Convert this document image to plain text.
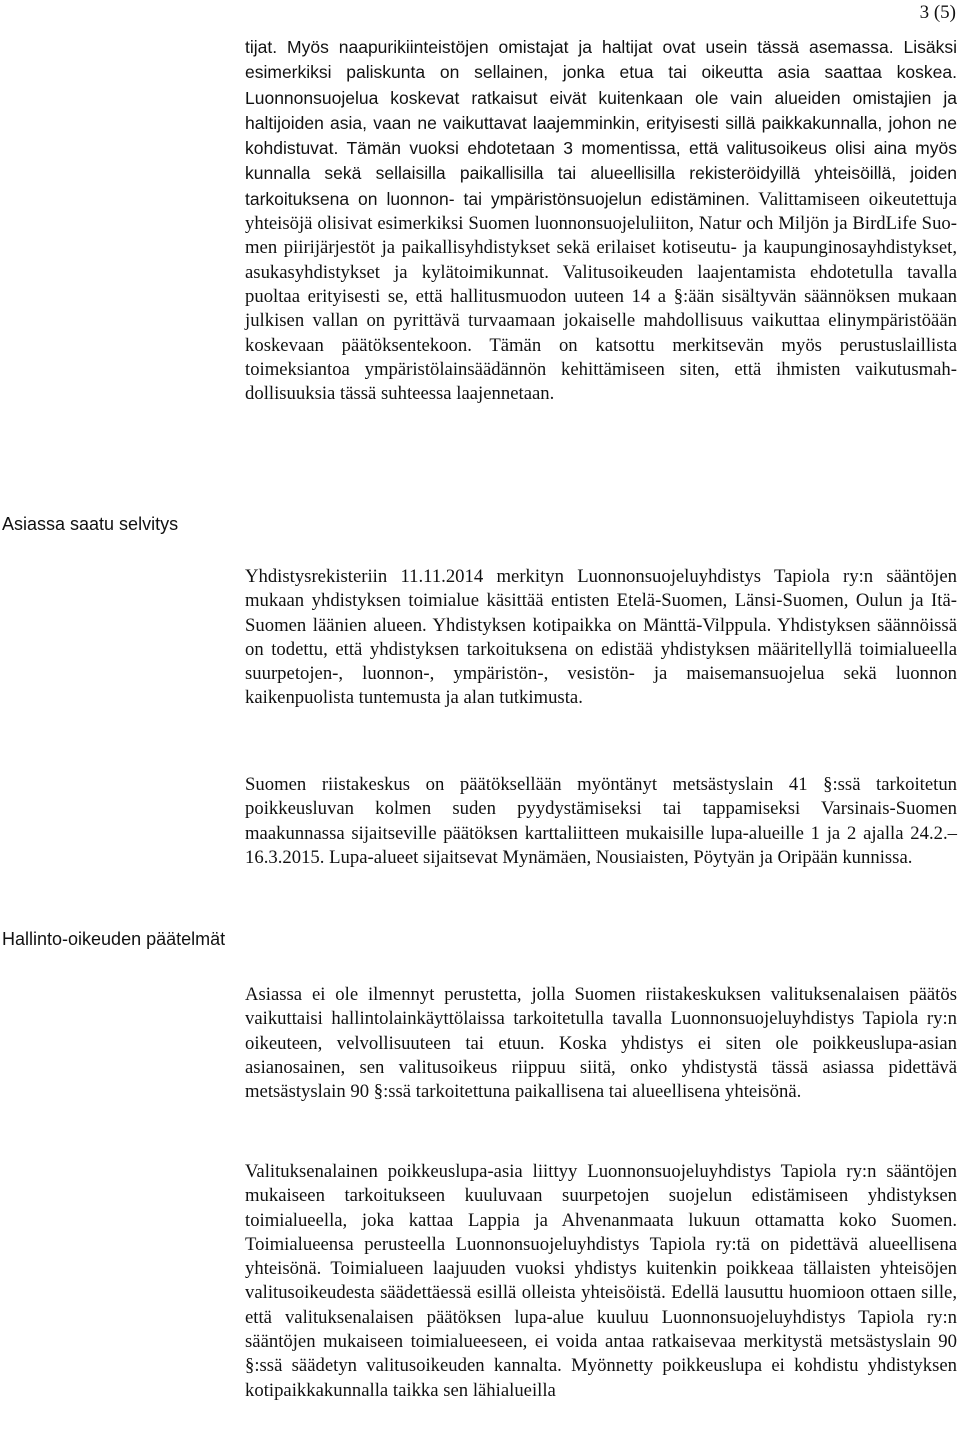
3 (5)
Asiassa saatu selvitys
Hallinto-oikeuden päätelmät
tijat. Myös naapurikiinteistöjen omistajat ja haltijat ovat usein tässä asemassa. Lisäksi esimerkiksi paliskunta on sellainen, jonka etua tai oikeutta asia saattaa koskea. Luonnonsuojelua koskevat ratkaisut eivät kuitenkaan ole vain alueiden omistajien ja haltijoiden asia, vaan ne vaikuttavat laajemminkin, erityisesti sillä paikkakunnalla, johon ne kohdistuvat. Tämän vuoksi ehdotetaan 3 momentissa, että valitusoikeus olisi aina myös kunnalla sekä sellaisilla paikallisilla tai alueellisilla rekisteröidyillä yhteisöillä, joiden tarkoituksena on luonnon- tai ympäristönsuojelun edistäminen. Valittamiseen oikeutettuja yhteisöjä olisivat esimerkiksi Suomen luonnonsuojeluliiton, Natur och Miljön ja BirdLife Suomen piirijärjestöt ja paikallisyhdistykset sekä erilaiset kotiseutu- ja kaupunginosayhdistykset, asukasyhdistykset ja kylätoimikunnat. Valitusoikeuden laajentamista ehdotetulla tavalla puoltaa erityisesti se, että hallitusmuodon uuteen 14 a §:ään sisältyvän säännöksen mukaan julkisen vallan on pyrittävä turvaamaan jokaiselle mahdollisuus vaikuttaa elinympäristöään koskevaan päätöksentekoon. Tämän on katsottu merkitsevän myös perustuslaillista toimeksiantoa ympäristölainsäädännön kehittämiseen siten, että ihmisten vaikutusmahdollisuuksia tässä suhteessa laajennetaan.

Yhdistysrekisteriin 11.11.2014 merkityn Luonnonsuojeluyhdistys Tapiola ry:n sääntöjen mukaan yhdistyksen toimialue käsittää entisten Etelä-Suomen, Länsi-Suomen, Oulun ja Itä-Suomen läänien alueen. Yhdistyksen kotipaikka on Mänttä-Vilppula. Yhdistyksen säännöissä on todettu, että yhdistyksen tarkoituksena on edistää yhdistyksen määritellyllä toimialueella suurpetojen-, luonnon-, ympäristön-, vesistön- ja maisemansuojelua sekä luonnon kaikenpuolista tuntemusta ja alan tutkimusta.

Suomen riistakeskus on päätöksellään myöntänyt metsästyslain 41 §:ssä tarkoitetun poikkeusluvan kolmen suden pyydystämiseksi tai tappamiseksi Varsinais-Suomen maakunnassa sijaitseville päätöksen karttaliitteen mukaisille lupa-alueille 1 ja 2 ajalla 24.2.–16.3.2015. Lupa-alueet sijaitsevat Mynämäen, Nousiaisten, Pöytyän ja Oripään kunnissa.

Asiassa ei ole ilmennyt perustetta, jolla Suomen riistakeskuksen valituksenalaisen päätös vaikuttaisi hallintolainkäyttölaissa tarkoitetulla tavalla Luonnonsuojeluyhdistys Tapiola ry:n oikeuteen, velvollisuuteen tai etuun. Koska yhdistys ei siten ole poikkeuslupa-asian asianosainen, sen valitusoikeus riippuu siitä, onko yhdistystä tässä asiassa pidettävä metsästyslain 90 §:ssä tarkoitettuna paikallisena tai alueellisena yhteisönä.

Valituksenalainen poikkeuslupa-asia liittyy Luonnonsuojeluyhdistys Tapiola ry:n sääntöjen mukaiseen tarkoitukseen kuuluvaan suurpetojen suojelun edistämiseen yhdistyksen toimialueella, joka kattaa Lappia ja Ahvenanmaata lukuun ottamatta koko Suomen. Toimialueensa perusteella Luonnonsuojeluyhdistys Tapiola ry:tä on pidettävä alueellisena yhteisönä. Toimialueen laajuuden vuoksi yhdistys kuitenkin poikkeaa tällaisten yhteisöjen valitusoikeudesta säädettäessä esillä olleista yhteisöistä. Edellä lausuttu huomioon ottaen sille, että valituksenalaisen päätöksen lupa-alue kuuluu Luonnonsuojeluyhdistys Tapiola ry:n sääntöjen mukaiseen toimialueeseen, ei voida antaa ratkaisevaa merkitystä metsästyslain 90 §:ssä säädetyn valitusoikeuden kannalta. Myönnetty poikkeuslupa ei kohdistu yhdistyksen kotipaikkakunnalla taikka sen lähialueilla
